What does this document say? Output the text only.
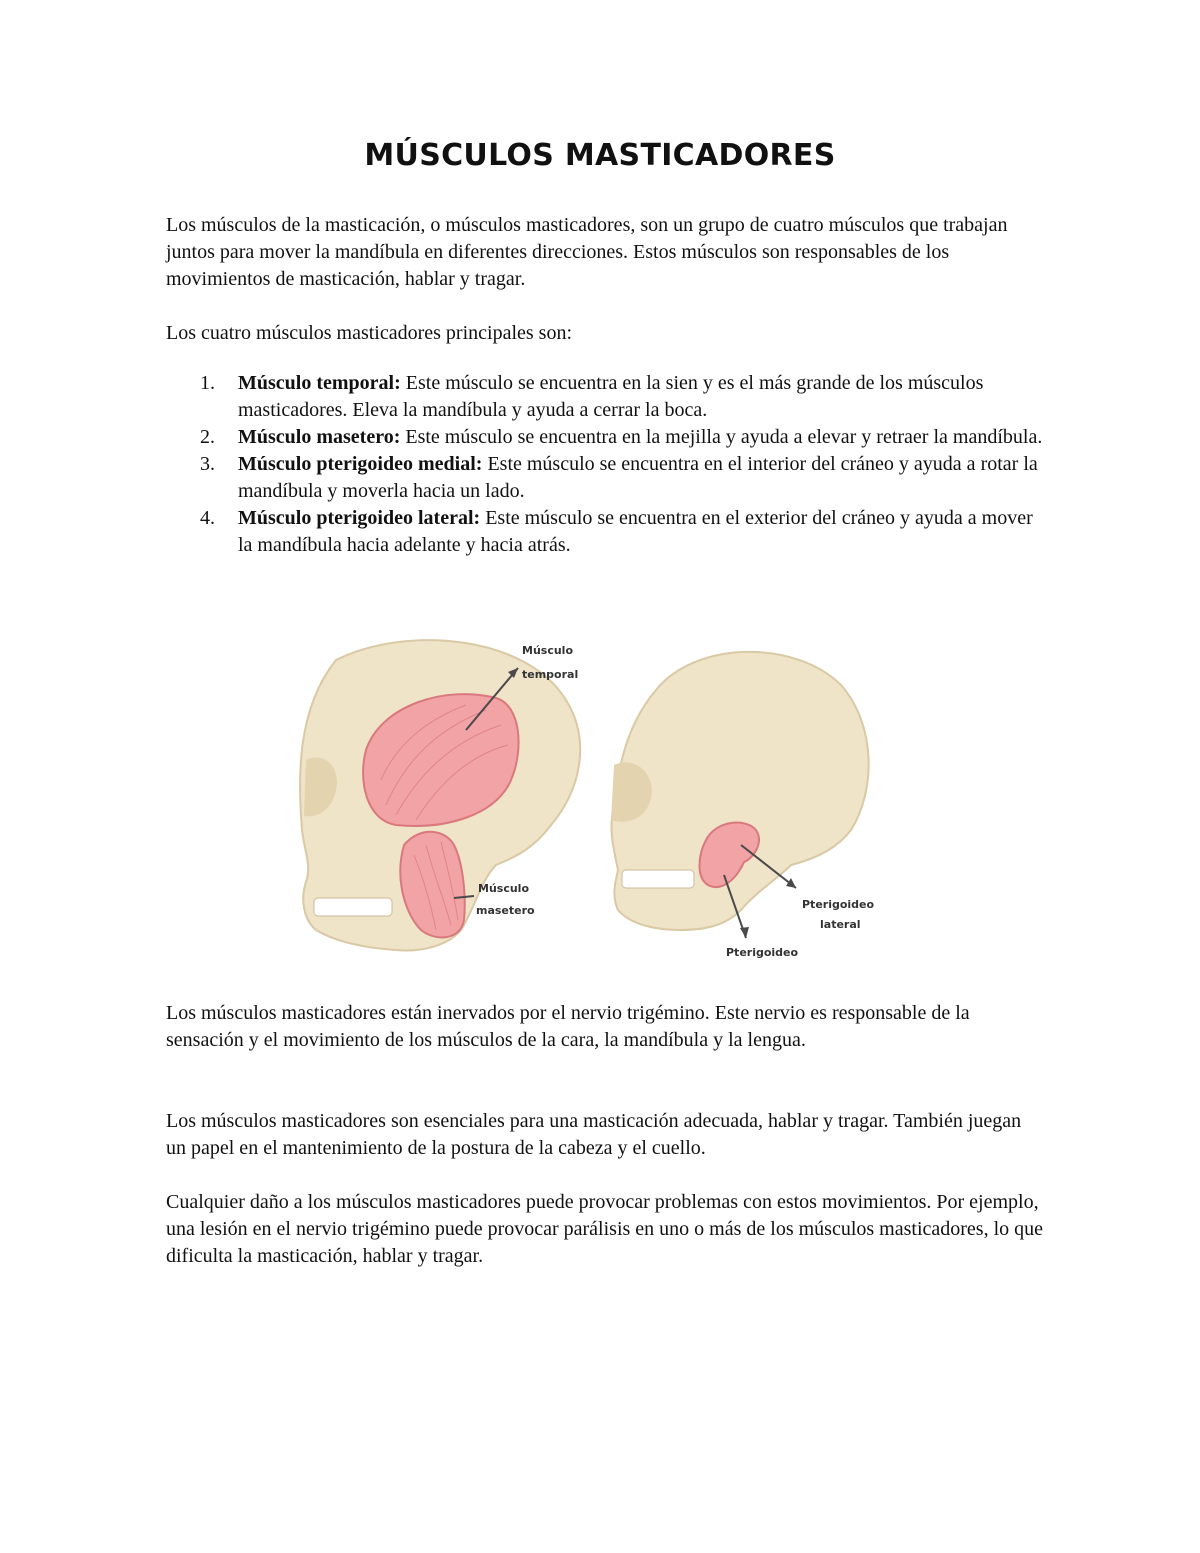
MÚSCULOS MASTICADORES

Los músculos de la masticación, o músculos masticadores, son un grupo de cuatro músculos que trabajan juntos para mover la mandíbula en diferentes direcciones. Estos músculos son responsables de los movimientos de masticación, hablar y tragar.

Los cuatro músculos masticadores principales son:

1. Músculo temporal: Este músculo se encuentra en la sien y es el más grande de los músculos masticadores. Eleva la mandíbula y ayuda a cerrar la boca.
2. Músculo masetero: Este músculo se encuentra en la mejilla y ayuda a elevar y retraer la mandíbula.
3. Músculo pterigoideo medial: Este músculo se encuentra en el interior del cráneo y ayuda a rotar la mandíbula y moverla hacia un lado.
4. Músculo pterigoideo lateral: Este músculo se encuentra en el exterior del cráneo y ayuda a mover la mandíbula hacia adelante y hacia atrás.
Músculo
temporal
Músculo
masetero	Pterigoideo
lateral
Pterigoideo

Los músculos masticadores están inervados por el nervio trigémino. Este nervio es responsable de la sensación y el movimiento de los músculos de la cara, la mandíbula y la lengua.

Los músculos masticadores son esenciales para una masticación adecuada, hablar y tragar. También juegan un papel en el mantenimiento de la postura de la cabeza y el cuello.

Cualquier daño a los músculos masticadores puede provocar problemas con estos movimientos. Por ejemplo, una lesión en el nervio trigémino puede provocar parálisis en uno o más de los músculos masticadores, lo que dificulta la masticación, hablar y tragar.
